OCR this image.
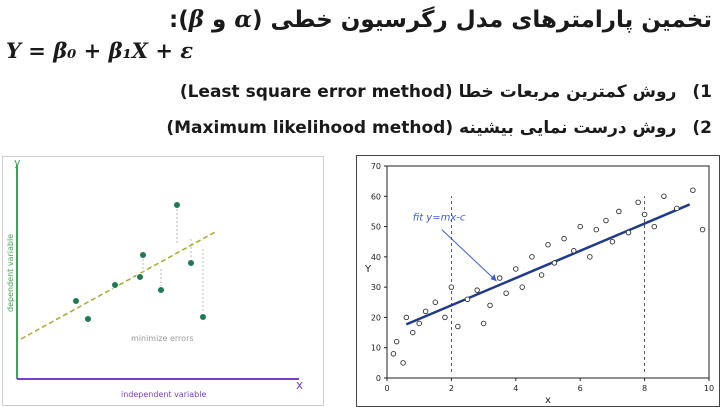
تخمین پارامترهای مدل رگرسیون خطی (α و β):
Y = β₀ + β₁X + ε
1)روش کمترین مربعات خطا (Least square error method)
2)روش درست نمایی بیشینه (Maximum likelihood method)
y
x
dependent variable
independent variable
minimize errors
0
10
20
30
40
50
60
70
0	2	4	6	8	10
Y
x
fit y=mx-c
